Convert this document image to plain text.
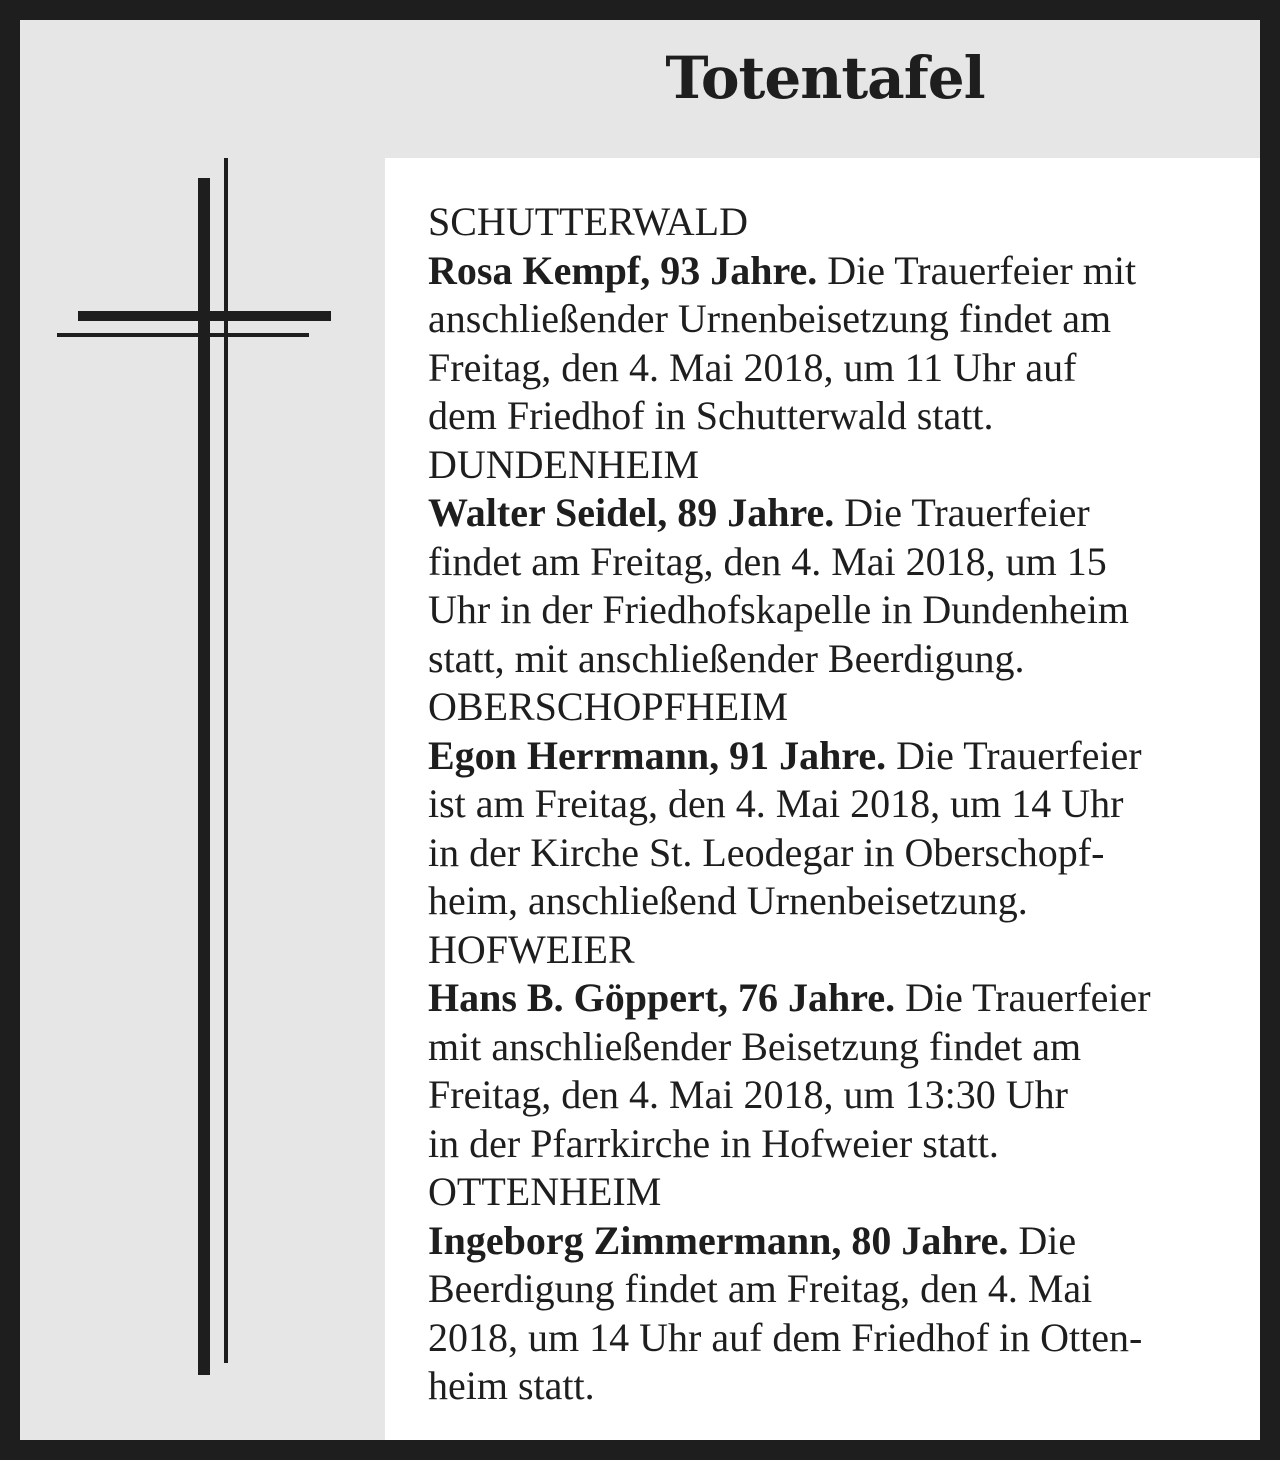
Totentafel
SCHUTTERWALD
Rosa Kempf, 93 Jahre. Die Trauerfeier mit
anschließender Urnenbeisetzung findet am
Freitag, den 4. Mai 2018, um 11 Uhr auf
dem Friedhof in Schutterwald statt.
DUNDENHEIM
Walter Seidel, 89 Jahre. Die Trauerfeier
findet am Freitag, den 4. Mai 2018, um 15
Uhr in der Friedhofskapelle in Dundenheim
statt, mit anschließender Beerdigung.
OBERSCHOPFHEIM
Egon Herrmann, 91 Jahre. Die Trauerfeier
ist am Freitag, den 4. Mai 2018, um 14 Uhr
in der Kirche St. Leodegar in Oberschopf-
heim, anschließend Urnenbeisetzung.
HOFWEIER
Hans B. Göppert, 76 Jahre. Die Trauerfeier
mit anschließender Beisetzung findet am
Freitag, den 4. Mai 2018, um 13:30 Uhr
in der Pfarrkirche in Hofweier statt.
OTTENHEIM
Ingeborg Zimmermann, 80 Jahre. Die
Beerdigung findet am Freitag, den 4. Mai
2018, um 14 Uhr auf dem Friedhof in Otten-
heim statt.
